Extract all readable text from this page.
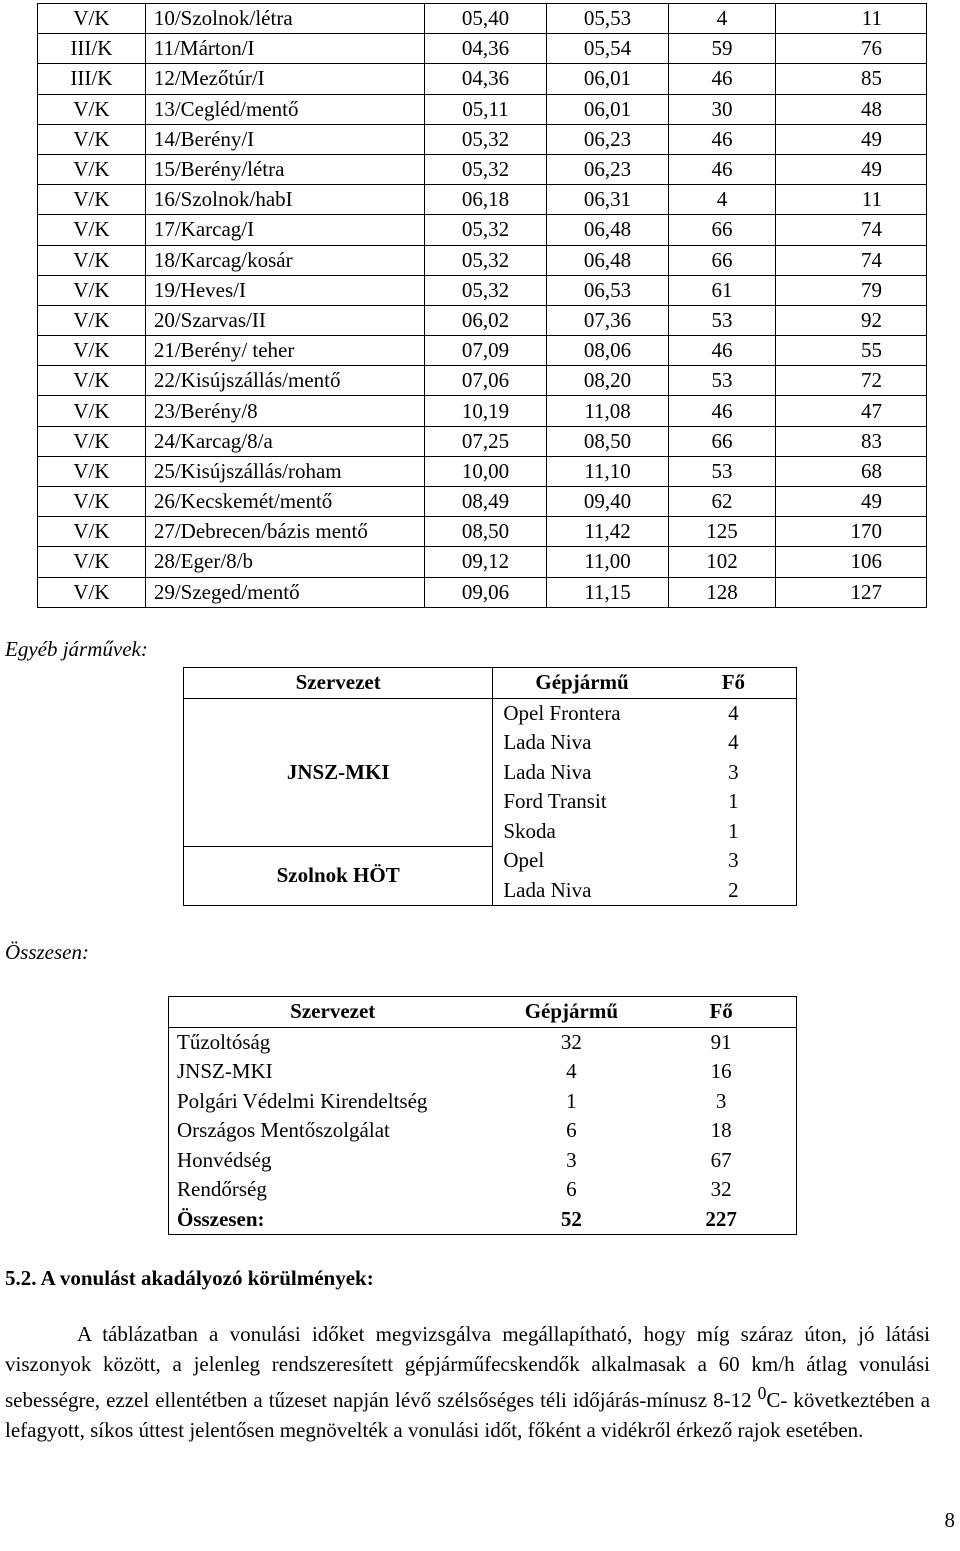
V/K	10/Szolnok/létra	05,40	05,53	4	11
III/K	11/Márton/I	04,36	05,54	59	76
III/K	12/Mezőtúr/I	04,36	06,01	46	85
V/K	13/Cegléd/mentő	05,11	06,01	30	48
V/K	14/Berény/I	05,32	06,23	46	49
V/K	15/Berény/létra	05,32	06,23	46	49
V/K	16/Szolnok/habI	06,18	06,31	4	11
V/K	17/Karcag/I	05,32	06,48	66	74
V/K	18/Karcag/kosár	05,32	06,48	66	74
V/K	19/Heves/I	05,32	06,53	61	79
V/K	20/Szarvas/II	06,02	07,36	53	92
V/K	21/Berény/ teher	07,09	08,06	46	55
V/K	22/Kisújszállás/mentő	07,06	08,20	53	72
V/K	23/Berény/8	10,19	11,08	46	47
V/K	24/Karcag/8/a	07,25	08,50	66	83
V/K	25/Kisújszállás/roham	10,00	11,10	53	68
V/K	26/Kecskemét/mentő	08,49	09,40	62	49
V/K	27/Debrecen/bázis mentő	08,50	11,42	125	170
V/K	28/Eger/8/b	09,12	11,00	102	106
V/K	29/Szeged/mentő	09,06	11,15	128	127
Egyéb járművek:
Szervezet	Gépjármű	Fő
JNSZ-MKI	Opel Frontera	4
	Lada Niva	4
	Lada Niva	3
	Ford Transit	1
	Skoda	1
Szolnok HÖT	Opel	3
	Lada Niva	2
Összesen:
Szervezet	Gépjármű	Fő
Tűzoltóság	32	91
JNSZ-MKI	4	16
Polgári Védelmi Kirendeltség	1	3
Országos Mentőszolgálat	6	18
Honvédség	3	67
Rendőrség	6	32
Összesen:	52	227
5.2. A vonulást akadályozó körülmények:
A táblázatban a vonulási időket megvizsgálva megállapítható, hogy míg száraz úton, jó látási viszonyok között, a jelenleg rendszeresített gépjárműfecskendők alkalmasak a 60 km/h átlag vonulási sebességre, ezzel ellentétben a tűzeset napján lévő szélsőséges téli időjárás-mínusz 8-12 $^0$C- következtében a lefagyott, síkos úttest jelentősen megnövelték a vonulási időt, főként a vidékről érkező rajok esetében.
8
